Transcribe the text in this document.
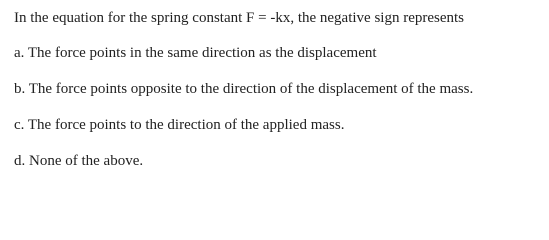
In the equation for the spring constant F = -kx, the negative sign represents
a. The force points in the same direction as the displacement
b. The force points opposite to the direction of the displacement of the mass.
c. The force points to the direction of the applied mass.
d. None of the above.
